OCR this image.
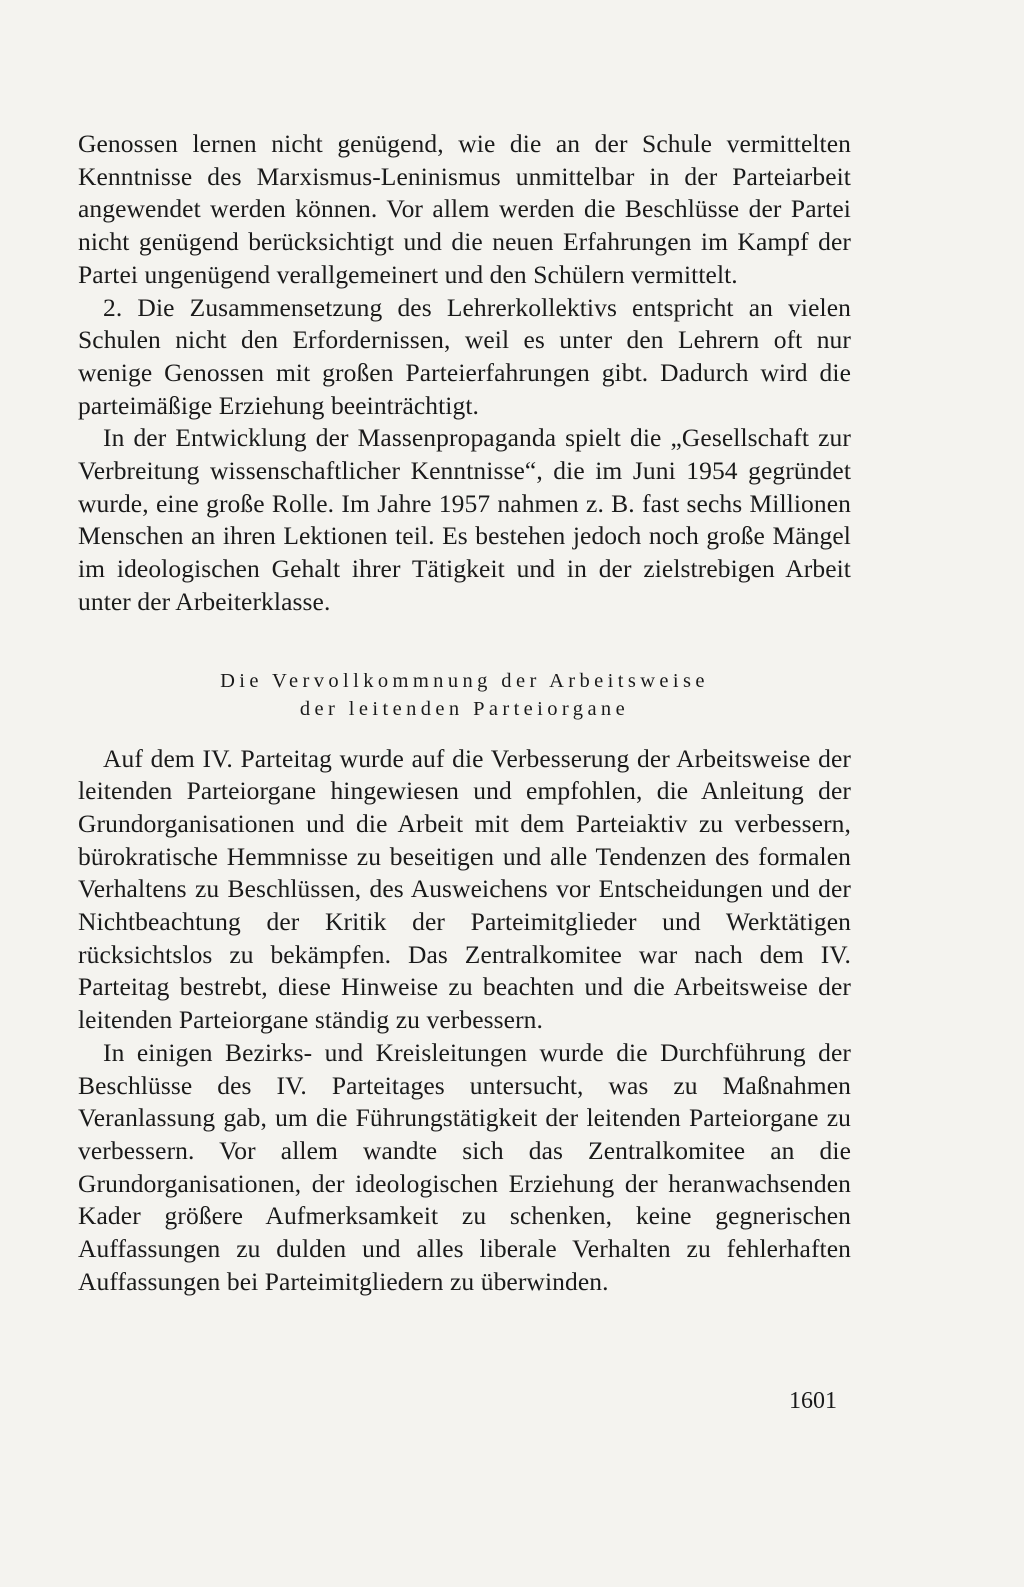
Genossen lernen nicht genügend, wie die an der Schule vermittelten Kenntnisse des Marxismus-Leninismus unmittelbar in der Parteiarbeit angewendet werden können. Vor allem werden die Beschlüsse der Partei nicht genügend berücksichtigt und die neuen Erfahrungen im Kampf der Partei ungenügend verallgemeinert und den Schülern vermittelt.

2. Die Zusammensetzung des Lehrerkollektivs entspricht an vielen Schulen nicht den Erfordernissen, weil es unter den Lehrern oft nur wenige Genossen mit großen Parteierfahrungen gibt. Dadurch wird die parteimäßige Erziehung beeinträchtigt.

In der Entwicklung der Massenpropaganda spielt die „Gesellschaft zur Verbreitung wissenschaftlicher Kenntnisse“, die im Juni 1954 gegründet wurde, eine große Rolle. Im Jahre 1957 nahmen z. B. fast sechs Millionen Menschen an ihren Lektionen teil. Es bestehen jedoch noch große Mängel im ideologischen Gehalt ihrer Tätigkeit und in der zielstrebigen Arbeit unter der Arbeiterklasse.

Die Vervollkommnung der Arbeitsweise
der leitenden Parteiorgane

Auf dem IV. Parteitag wurde auf die Verbesserung der Arbeitsweise der leitenden Parteiorgane hingewiesen und empfohlen, die Anleitung der Grundorganisationen und die Arbeit mit dem Parteiaktiv zu verbessern, bürokratische Hemmnisse zu beseitigen und alle Tendenzen des formalen Verhaltens zu Beschlüssen, des Ausweichens vor Entscheidungen und der Nichtbeachtung der Kritik der Parteimitglieder und Werktätigen rücksichtslos zu bekämpfen. Das Zentralkomitee war nach dem IV. Parteitag bestrebt, diese Hinweise zu beachten und die Arbeitsweise der leitenden Parteiorgane ständig zu verbessern.

In einigen Bezirks- und Kreisleitungen wurde die Durchführung der Beschlüsse des IV. Parteitages untersucht, was zu Maßnahmen Veranlassung gab, um die Führungstätigkeit der leitenden Parteiorgane zu verbessern. Vor allem wandte sich das Zentralkomitee an die Grundorganisationen, der ideologischen Erziehung der heranwachsenden Kader größere Aufmerksamkeit zu schenken, keine gegnerischen Auffassungen zu dulden und alles liberale Verhalten zu fehlerhaften Auffassungen bei Parteimitgliedern zu überwinden.

1601
